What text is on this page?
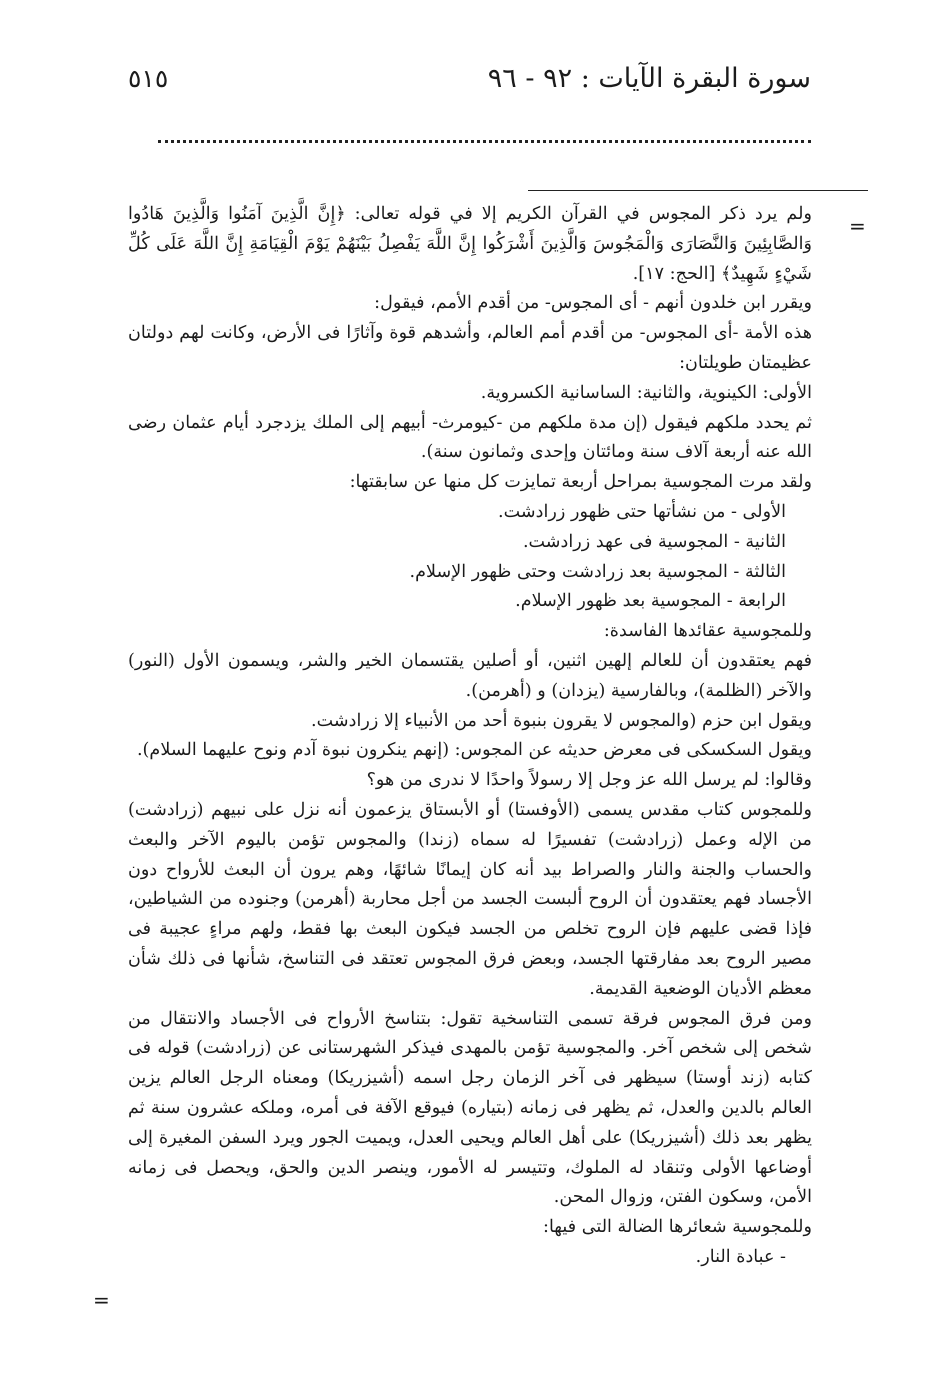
سورة البقرة الآيات : ٩٢ - ٩٦
٥١٥
=
=

ولم يرد ذكر المجوس في القرآن الكريم إلا في قوله تعالى: ﴿إِنَّ الَّذِينَ آمَنُوا وَالَّذِينَ هَادُوا وَالصَّابِئِينَ وَالنَّصَارَى وَالْمَجُوسَ وَالَّذِينَ أَشْرَكُوا إِنَّ اللَّهَ يَفْصِلُ بَيْنَهُمْ يَوْمَ الْقِيَامَةِ إِنَّ اللَّهَ عَلَى كُلِّ شَيْءٍ شَهِيدٌ﴾ [الحج: ١٧].

ويقرر ابن خلدون أنهم - أى المجوس- من أقدم الأمم، فيقول:

هذه الأمة -أى المجوس- من أقدم أمم العالم، وأشدهم قوة وآثارًا فى الأرض، وكانت لهم دولتان عظيمتان طويلتان:

الأولى: الكينوية، والثانية: الساسانية الكسروية.

ثم يحدد ملكهم فيقول (إن مدة ملكهم من -كيومرث- أبيهم إلى الملك يزدجرد أيام عثمان رضى الله عنه أربعة آلاف سنة ومائتان وإحدى وثمانون سنة).

ولقد مرت المجوسية بمراحل أربعة تمايزت كل منها عن سابقتها:

الأولى - من نشأتها حتى ظهور زرادشت.

الثانية - المجوسية فى عهد زرادشت.

الثالثة - المجوسية بعد زرادشت وحتى ظهور الإسلام.

الرابعة - المجوسية بعد ظهور الإسلام.

وللمجوسية عقائدها الفاسدة:

فهم يعتقدون أن للعالم إلهين اثنين، أو أصلين يقتسمان الخير والشر، ويسمون الأول (النور) والآخر (الظلمة)، وبالفارسية (يزدان) و (أهرمن).

ويقول ابن حزم (والمجوس لا يقرون بنبوة أحد من الأنبياء إلا زرادشت.

ويقول السكسكى فى معرض حديثه عن المجوس: (إنهم ينكرون نبوة آدم ونوح عليهما السلام).

وقالوا: لم يرسل الله عز وجل إلا رسولاً واحدًا لا ندرى من هو؟

وللمجوس كتاب مقدس يسمى (الأوفستا) أو الأبستاق يزعمون أنه نزل على نبيهم (زرادشت) من الإله وعمل (زرادشت) تفسيرًا له سماه (زندا) والمجوس تؤمن باليوم الآخر والبعث والحساب والجنة والنار والصراط بيد أنه كان إيمانًا شائهًا، وهم يرون أن البعث للأرواح دون الأجساد فهم يعتقدون أن الروح ألبست الجسد من أجل محاربة (أهرمن) وجنوده من الشياطين، فإذا قضى عليهم فإن الروح تخلص من الجسد فيكون البعث بها فقط، ولهم مراءٍ عجيبة فى مصير الروح بعد مفارقتها الجسد، وبعض فرق المجوس تعتقد فى التناسخ، شأنها فى ذلك شأن معظم الأديان الوضعية القديمة.

ومن فرق المجوس فرقة تسمى التناسخية تقول: بتناسخ الأرواح فى الأجساد والانتقال من شخص إلى شخص آخر. والمجوسية تؤمن بالمهدى فيذكر الشهرستانى عن (زرادشت) قوله فى كتابه (زند أوستا) سيظهر فى آخر الزمان رجل اسمه (أشيزريكا) ومعناه الرجل العالم يزين العالم بالدين والعدل، ثم يظهر فى زمانه (بتياره) فيوقع الآفة فى أمره، وملكه عشرون سنة ثم يظهر بعد ذلك (أشيزريكا) على أهل العالم ويحيى العدل، ويميت الجور ويرد السفن المغيرة إلى أوضاعها الأولى وتنقاد له الملوك، وتتيسر له الأمور، وينصر الدين والحق، ويحصل فى زمانه الأمن، وسكون الفتن، وزوال المحن.

وللمجوسية شعائرها الضالة التى فيها:

- عبادة النار.
